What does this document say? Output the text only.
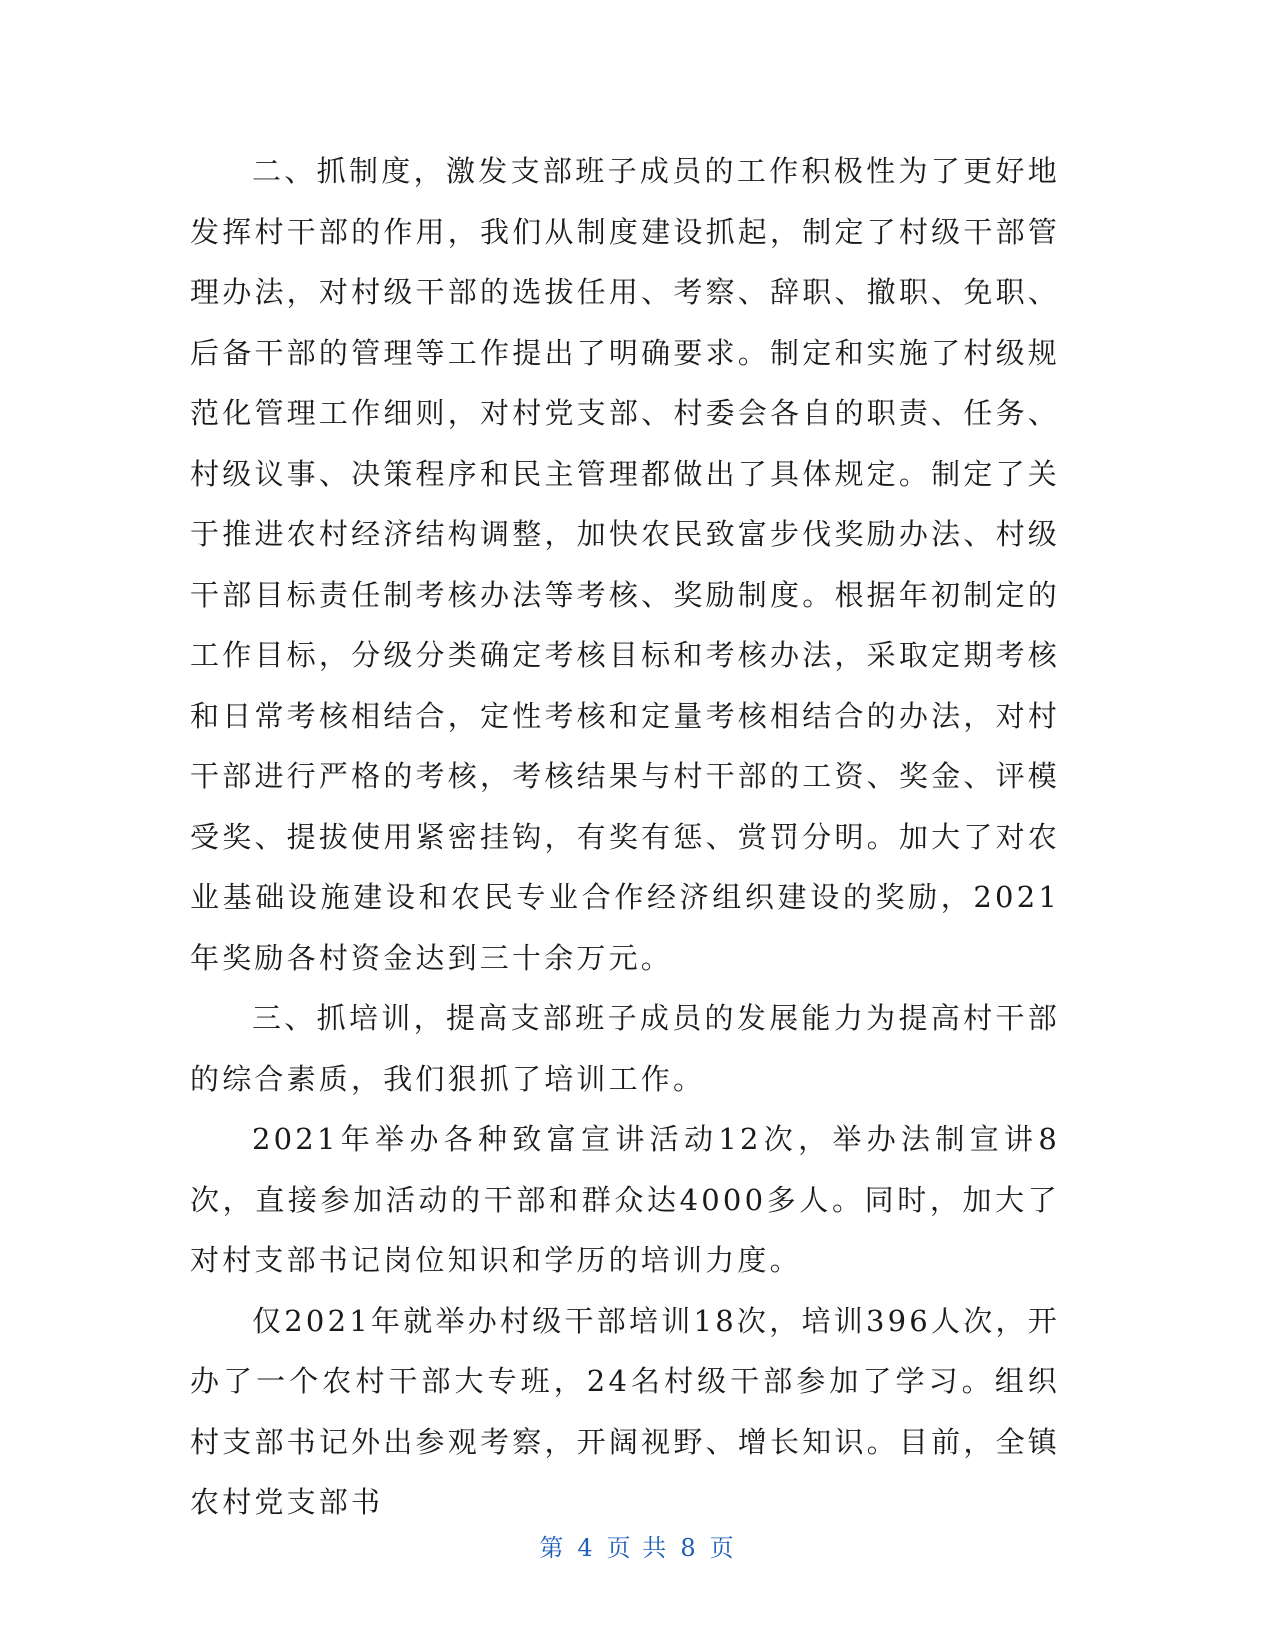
二、抓制度，激发支部班子成员的工作积极性为了更好地发挥村干部的作用，我们从制度建设抓起，制定了村级干部管理办法，对村级干部的选拔任用、考察、辞职、撤职、免职、后备干部的管理等工作提出了明确要求。制定和实施了村级规范化管理工作细则，对村党支部、村委会各自的职责、任务、村级议事、决策程序和民主管理都做出了具体规定。制定了关于推进农村经济结构调整，加快农民致富步伐奖励办法、村级干部目标责任制考核办法等考核、奖励制度。根据年初制定的工作目标，分级分类确定考核目标和考核办法，采取定期考核和日常考核相结合，定性考核和定量考核相结合的办法，对村干部进行严格的考核，考核结果与村干部的工资、奖金、评模受奖、提拔使用紧密挂钩，有奖有惩、赏罚分明。加大了对农业基础设施建设和农民专业合作经济组织建设的奖励，2021年奖励各村资金达到三十余万元。

三、抓培训，提高支部班子成员的发展能力为提高村干部的综合素质，我们狠抓了培训工作。

2021年举办各种致富宣讲活动12次，举办法制宣讲8次，直接参加活动的干部和群众达4000多人。同时，加大了对村支部书记岗位知识和学历的培训力度。

仅2021年就举办村级干部培训18次，培训396人次，开办了一个农村干部大专班，24名村级干部参加了学习。组织村支部书记外出参观考察，开阔视野、增长知识。目前，全镇农村党支部书

第 4 页 共 8 页
